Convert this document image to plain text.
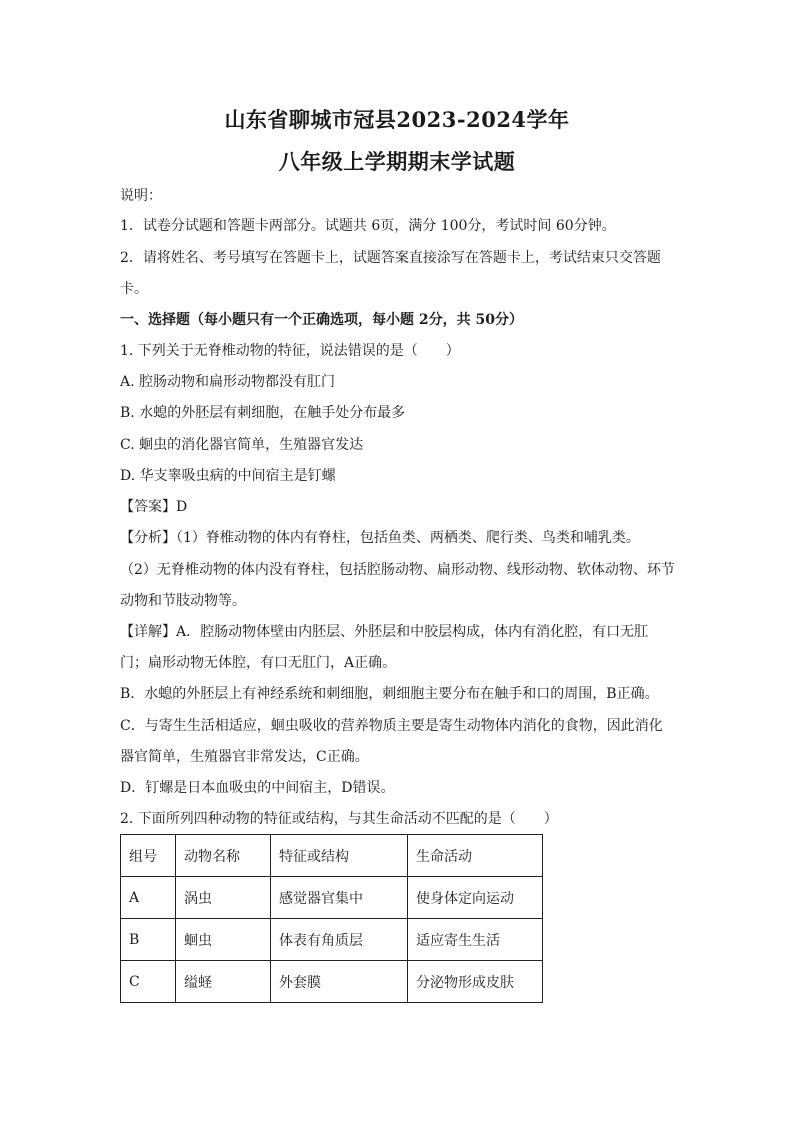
山东省聊城市冠县2023-2024学年
八年级上学期期末学试题
说明：
1．试卷分试题和答题卡两部分。试题共 6页，满分 100分，考试时间 60分钟。
2．请将姓名、考号填写在答题卡上，试题答案直接涂写在答题卡上，考试结束只交答题
卡。
一、选择题（每小题只有一个正确选项，每小题 2分，共 50分）
1. 下列关于无脊椎动物的特征，说法错误的是（　　）
A. 腔肠动物和扁形动物都没有肛门
B. 水螅的外胚层有刺细胞，在触手处分布最多
C. 蛔虫的消化器官简单，生殖器官发达
D. 华支睾吸虫病的中间宿主是钉螺
【答案】D
【分析】（1）脊椎动物的体内有脊柱，包括鱼类、两栖类、爬行类、鸟类和哺乳类。
（2）无脊椎动物的体内没有脊柱，包括腔肠动物、扁形动物、线形动物、软体动物、环节
动物和节肢动物等。
【详解】A．腔肠动物体壁由内胚层、外胚层和中胶层构成，体内有消化腔，有口无肛
门；扁形动物无体腔，有口无肛门，A正确。
B．水螅的外胚层上有神经系统和刺细胞，刺细胞主要分布在触手和口的周围，B正确。
C．与寄生生活相适应，蛔虫吸收的营养物质主要是寄生动物体内消化的食物，因此消化
器官简单，生殖器官非常发达，C正确。
D．钉螺是日本血吸虫的中间宿主，D错误。
2. 下面所列四种动物的特征或结构，与其生命活动不匹配的是（　　）
组号	动物名称	特征或结构	生命活动
A	涡虫	感觉器官集中	使身体定向运动
B	蛔虫	体表有角质层	适应寄生生活
C	缢蛏	外套膜	分泌物形成皮肤
